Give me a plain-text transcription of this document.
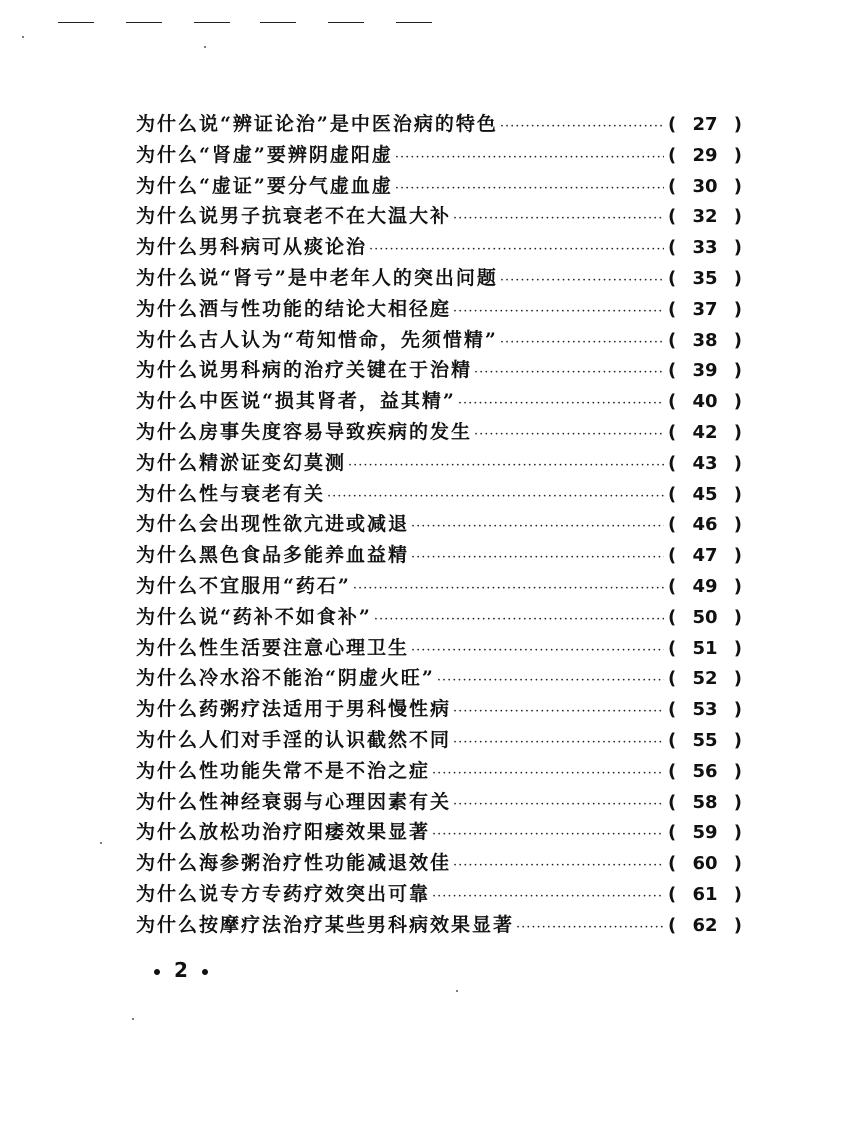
为什么说“辨证论治”是中医治病的特色 ·····	( 27 )
为什么“肾虚”要辨阴虚阳虚 ·····	( 29 )
为什么“虚证”要分气虚血虚 ·····	( 30 )
为什么说男子抗衰老不在大温大补 ·····	( 32 )
为什么男科病可从痰论治 ·····	( 33 )
为什么说“肾亏”是中老年人的突出问题 ·····	( 35 )
为什么酒与性功能的结论大相径庭 ·····	( 37 )
为什么古人认为“苟知惜命，先须惜精” ·····	( 38 )
为什么说男科病的治疗关键在于治精 ·····	( 39 )
为什么中医说“损其肾者，益其精” ·····	( 40 )
为什么房事失度容易导致疾病的发生 ·····	( 42 )
为什么精淤证变幻莫测 ·····	( 43 )
为什么性与衰老有关 ·····	( 45 )
为什么会出现性欲亢进或减退 ·····	( 46 )
为什么黑色食品多能养血益精 ·····	( 47 )
为什么不宜服用“药石” ·····	( 49 )
为什么说“药补不如食补” ·····	( 50 )
为什么性生活要注意心理卫生 ·····	( 51 )
为什么冷水浴不能治“阴虚火旺” ·····	( 52 )
为什么药粥疗法适用于男科慢性病 ·····	( 53 )
为什么人们对手淫的认识截然不同 ·····	( 55 )
为什么性功能失常不是不治之症 ·····	( 56 )
为什么性神经衰弱与心理因素有关 ·····	( 58 )
为什么放松功治疗阳痿效果显著 ·····	( 59 )
为什么海参粥治疗性功能减退效佳 ·····	( 60 )
为什么说专方专药疗效突出可靠 ·····	( 61 )
为什么按摩疗法治疗某些男科病效果显著 ·····	( 62 )
2
